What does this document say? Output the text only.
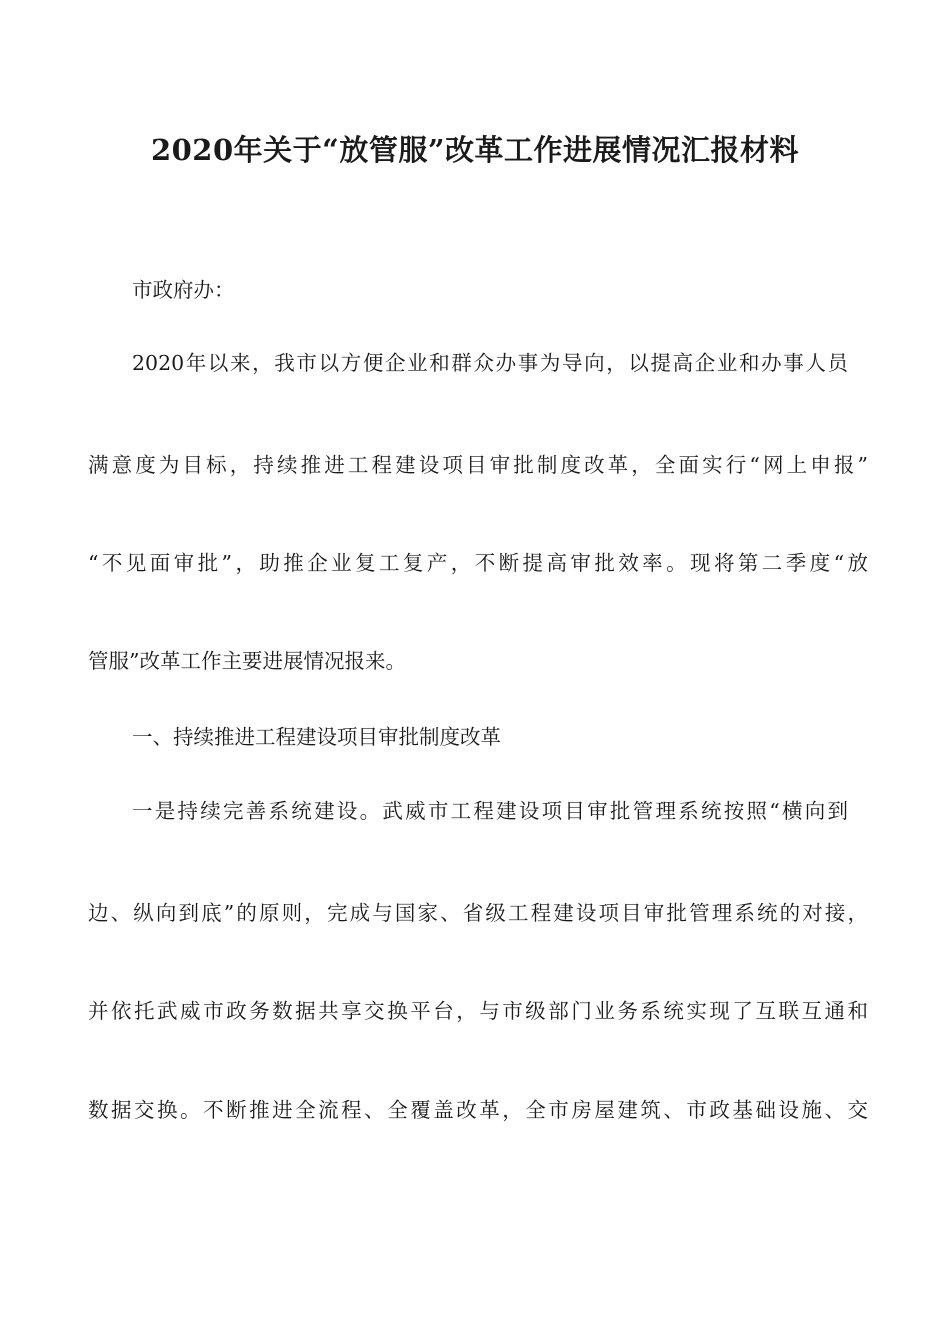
2020年关于“放管服”改革工作进展情况汇报材料
市政府办：
2020年以来，我市以方便企业和群众办事为导向，以提高企业和办事人员
满意度为目标，持续推进工程建设项目审批制度改革，全面实行“网上申报”
“不见面审批”，助推企业复工复产，不断提高审批效率。现将第二季度“放
管服”改革工作主要进展情况报来。
一、持续推进工程建设项目审批制度改革
一是持续完善系统建设。武威市工程建设项目审批管理系统按照“横向到
边、纵向到底”的原则，完成与国家、省级工程建设项目审批管理系统的对接，
并依托武威市政务数据共享交换平台，与市级部门业务系统实现了互联互通和
数据交换。不断推进全流程、全覆盖改革，全市房屋建筑、市政基础设施、交
